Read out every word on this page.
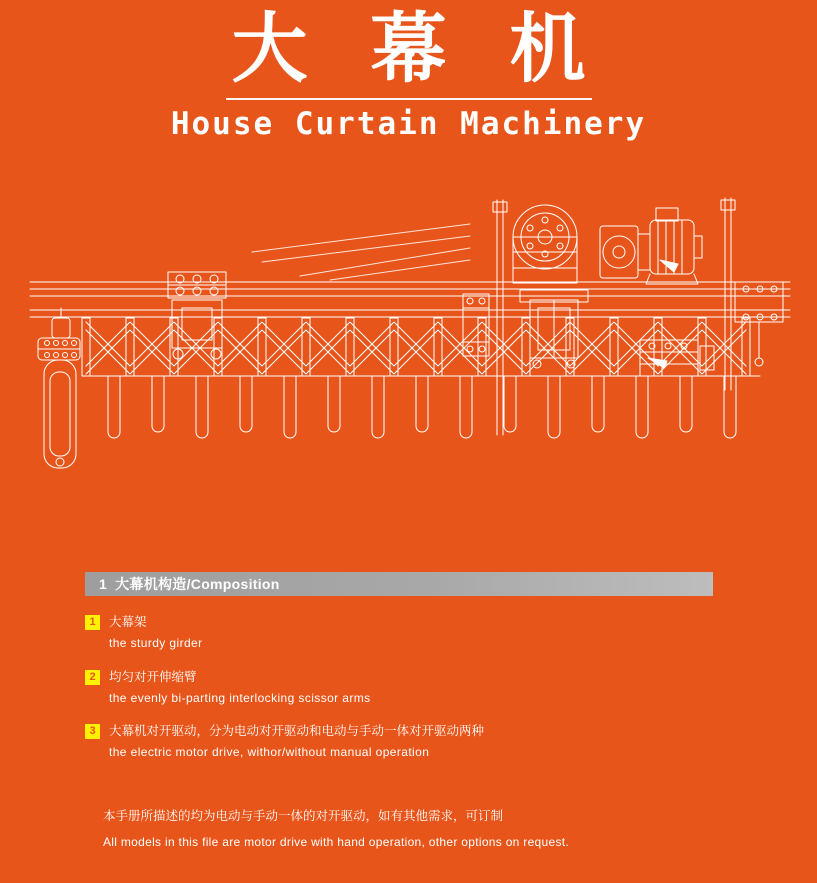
大 幕 机
House Curtain Machinery
1 大幕机构造/Composition
1	大幕架
the sturdy girder
2	均匀对开伸缩臂
the evenly bi-parting interlocking scissor arms
3	大幕机对开驱动，分为电动对开驱动和电动与手动一体对开驱动两种
the electric motor drive, withor/without manual operation
本手册所描述的均为电动与手动一体的对开驱动，如有其他需求，可订制
All models in this file are motor drive with hand operation, other options on request.
